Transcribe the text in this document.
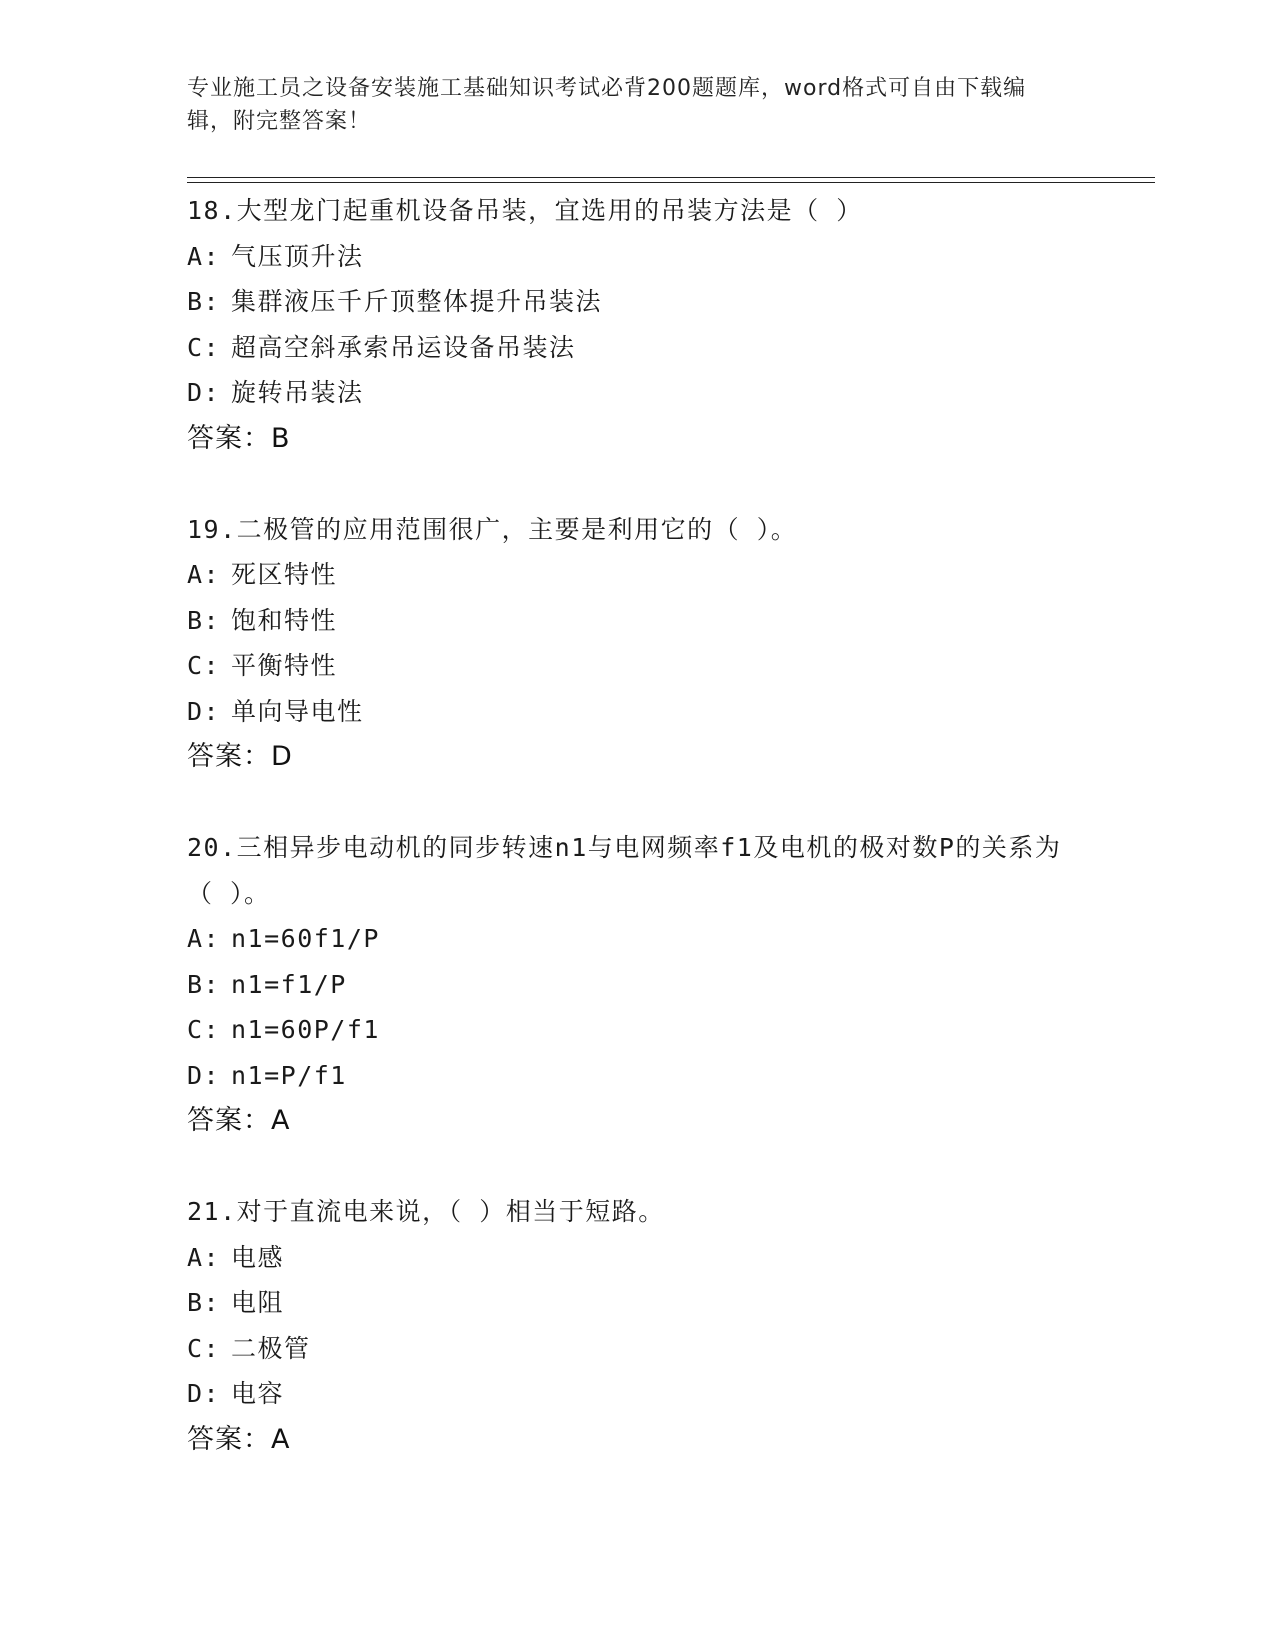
专业施工员之设备安装施工基础知识考试必背200题题库，word格式可自由下载编辑，附完整答案！
18.大型龙门起重机设备吊装，宜选用的吊装方法是（ ）
A: 气压顶升法
B: 集群液压千斤顶整体提升吊装法
C: 超高空斜承索吊运设备吊装法
D: 旋转吊装法
答案：B
19.二极管的应用范围很广，主要是利用它的（ ）。
A: 死区特性
B: 饱和特性
C: 平衡特性
D: 单向导电性
答案：D
20.三相异步电动机的同步转速n1与电网频率f1及电机的极对数P的关系为（ ）。
A: n1=60f1/P
B: n1=f1/P
C: n1=60P/f1
D: n1=P/f1
答案：A
21.对于直流电来说，（ ）相当于短路。
A: 电感
B: 电阻
C: 二极管
D: 电容
答案：A
